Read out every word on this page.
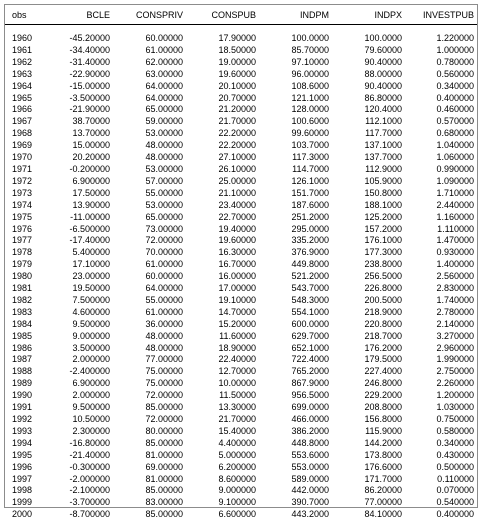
obs	BCLE	CONSPRIV	CONSPUB	INDPM	INDPX	INVESTPUB

1960	-45.20000	60.00000	17.90000	100.0000	100.0000	1.220000
1961	-34.40000	61.00000	18.50000	85.70000	79.60000	1.000000
1962	-31.40000	62.00000	19.00000	97.10000	90.40000	0.780000
1963	-22.90000	63.00000	19.60000	96.00000	88.00000	0.560000
1964	-15.00000	64.00000	20.10000	108.6000	90.40000	0.340000
1965	-3.500000	64.00000	20.70000	121.1000	86.80000	0.400000
1966	-21.90000	65.00000	21.20000	128.0000	120.4000	0.460000
1967	38.70000	59.00000	21.70000	100.6000	112.1000	0.570000
1968	13.70000	53.00000	22.20000	99.60000	117.7000	0.680000
1969	15.00000	48.00000	22.20000	103.7000	137.1000	1.040000
1970	20.20000	48.00000	27.10000	117.3000	137.7000	1.060000
1971	-0.200000	53.00000	26.10000	114.7000	112.9000	0.990000
1972	6.900000	57.00000	25.00000	126.1000	105.9000	1.090000
1973	17.50000	55.00000	21.10000	151.7000	150.8000	1.710000
1974	13.90000	53.00000	23.40000	187.6000	188.1000	2.440000
1975	-11.00000	65.00000	22.70000	251.2000	125.2000	1.160000
1976	-6.500000	73.00000	19.40000	295.0000	157.2000	1.110000
1977	-17.40000	72.00000	19.60000	335.2000	176.1000	1.470000
1978	5.400000	70.00000	16.30000	376.9000	177.3000	0.930000
1979	17.10000	61.00000	16.70000	449.8000	238.8000	1.400000
1980	23.00000	60.00000	16.00000	521.2000	256.5000	2.560000
1981	19.50000	64.00000	17.00000	543.7000	226.8000	2.830000
1982	7.500000	55.00000	19.10000	548.3000	200.5000	1.740000
1983	4.600000	61.00000	14.70000	554.1000	218.9000	2.780000
1984	9.500000	36.00000	15.20000	600.0000	220.8000	2.140000
1985	9.000000	48.00000	11.60000	629.7000	218.7000	3.270000
1986	3.500000	48.00000	18.90000	652.1000	176.2000	2.960000
1987	2.000000	77.00000	22.40000	722.4000	179.5000	1.990000
1988	-2.400000	75.00000	12.70000	765.2000	227.4000	2.750000
1989	6.900000	75.00000	10.00000	867.9000	246.8000	2.260000
1990	2.000000	72.00000	11.50000	956.5000	229.2000	1.200000
1991	9.500000	85.00000	13.30000	699.0000	208.8000	1.030000
1992	10.50000	72.00000	21.70000	466.0000	156.8000	0.750000
1993	2.300000	80.00000	15.40000	386.2000	115.9000	0.580000
1994	-16.80000	85.00000	4.400000	448.8000	144.2000	0.340000
1995	-21.40000	81.00000	5.000000	553.6000	173.8000	0.430000
1996	-0.300000	69.00000	6.200000	553.0000	176.6000	0.500000
1997	-2.000000	81.00000	8.600000	589.0000	171.7000	0.110000
1998	-2.100000	85.00000	9.000000	442.0000	86.20000	0.070000
1999	-3.700000	83.00000	9.100000	390.7000	77.00000	0.540000
2000	-8.700000	85.00000	6.600000	443.2000	84.10000	0.400000
